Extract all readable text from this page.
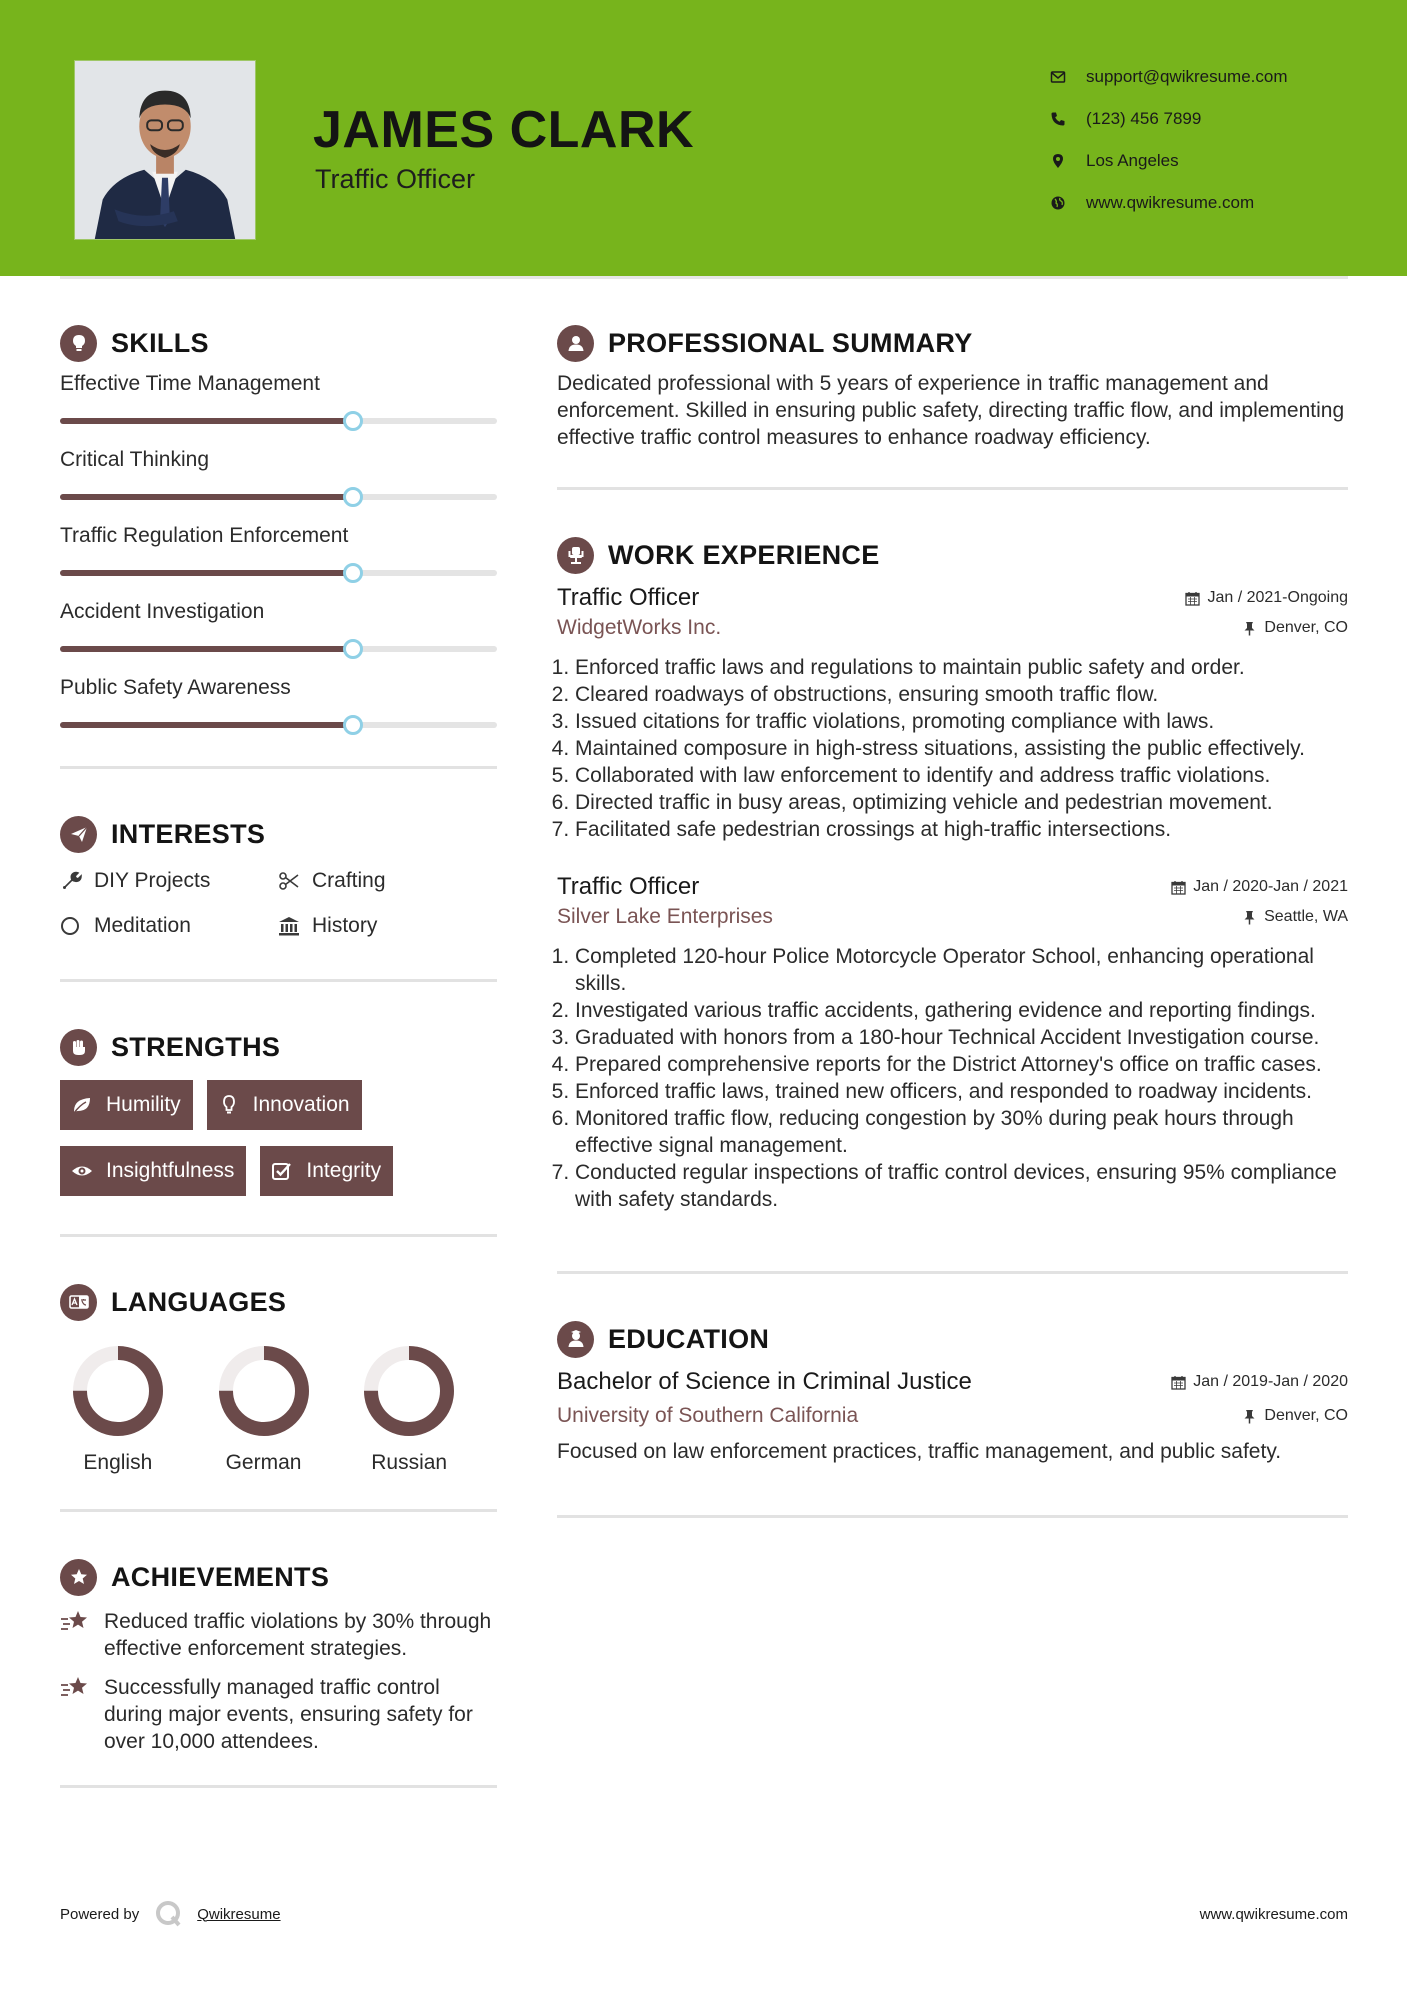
JAMES CLARK
Traffic Officer
support@qwikresume.com
(123) 456 7899
Los Angeles
www.qwikresume.com
SKILLS
Effective Time Management
Critical Thinking
Traffic Regulation Enforcement
Accident Investigation
Public Safety Awareness
INTERESTS
DIY Projects	Crafting
Meditation	History
STRENGTHS
Humility	Innovation
Insightfulness	Integrity
LANGUAGES
English	German	Russian
ACHIEVEMENTS
Reduced traffic violations by 30% through effective enforcement strategies.
Successfully managed traffic control during major events, ensuring safety for over 10,000 attendees.
PROFESSIONAL SUMMARY
Dedicated professional with 5 years of experience in traffic management and enforcement. Skilled in ensuring public safety, directing traffic flow, and implementing effective traffic control measures to enhance roadway efficiency.
WORK EXPERIENCE
Traffic Officer	Jan / 2021-Ongoing
WidgetWorks Inc.	Denver, CO
1. Enforced traffic laws and regulations to maintain public safety and order.
2. Cleared roadways of obstructions, ensuring smooth traffic flow.
3. Issued citations for traffic violations, promoting compliance with laws.
4. Maintained composure in high-stress situations, assisting the public effectively.
5. Collaborated with law enforcement to identify and address traffic violations.
6. Directed traffic in busy areas, optimizing vehicle and pedestrian movement.
7. Facilitated safe pedestrian crossings at high-traffic intersections.
Traffic Officer	Jan / 2020-Jan / 2021
Silver Lake Enterprises	Seattle, WA
1. Completed 120-hour Police Motorcycle Operator School, enhancing operational skills.
2. Investigated various traffic accidents, gathering evidence and reporting findings.
3. Graduated with honors from a 180-hour Technical Accident Investigation course.
4. Prepared comprehensive reports for the District Attorney's office on traffic cases.
5. Enforced traffic laws, trained new officers, and responded to roadway incidents.
6. Monitored traffic flow, reducing congestion by 30% during peak hours through effective signal management.
7. Conducted regular inspections of traffic control devices, ensuring 95% compliance with safety standards.
EDUCATION
Bachelor of Science in Criminal Justice	Jan / 2019-Jan / 2020
University of Southern California	Denver, CO
Focused on law enforcement practices, traffic management, and public safety.
Powered by	Qwikresume	www.qwikresume.com
